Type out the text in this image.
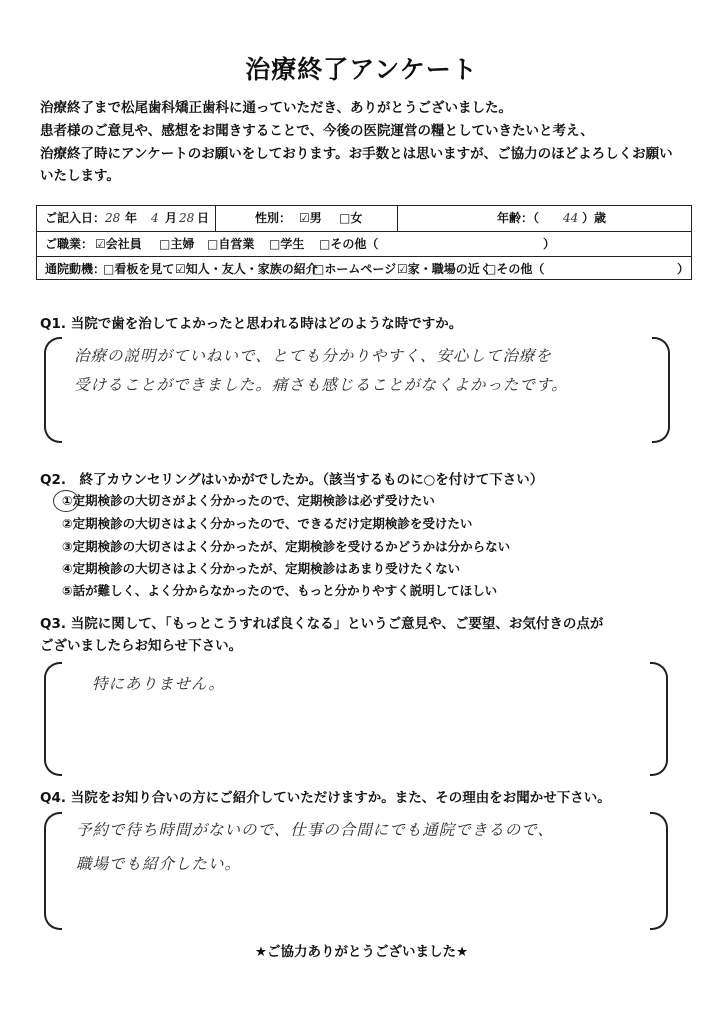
治療終了アンケート
治療終了まで松尾歯科矯正歯科に通っていただき、ありがとうございました。
患者様のご意見や、感想をお聞きすることで、今後の医院運営の糧としていきたいと考え、
治療終了時にアンケートのお願いをしております。お手数とは思いますが、ご協力のほどよろしくお願い
いたします。
ご記入日： 28 年 4 月 28 日	性別： ☑男 □女	年齢：（ 44 ）歳
ご職業： ☑会社員 □主婦 □自営業 □学生 □その他（	）
通院動機：
□看板を見て ☑知人・友人・家族の紹介
□ホームページ ☑家・職場の近く
□その他（	）
Q1. 当院で歯を治してよかったと思われる時はどのような時ですか。
治療の説明がていねいで、とても分かりやすく、安心して治療を
受けることができました。痛さも感じることがなくよかったです。
Q2.　終了カウンセリングはいかがでしたか。（該当するものに○を付けて下さい）
①定期検診の大切さがよく分かったので、定期検診は必ず受けたい
②定期検診の大切さはよく分かったので、できるだけ定期検診を受けたい
③定期検診の大切さはよく分かったが、定期検診を受けるかどうかは分からない
④定期検診の大切さはよく分かったが、定期検診はあまり受けたくない
⑤話が難しく、よく分からなかったので、もっと分かりやすく説明してほしい
Q3. 当院に関して、「もっとこうすれば良くなる」というご意見や、ご要望、お気付きの点が
ございましたらお知らせ下さい。
特にありません。
Q4. 当院をお知り合いの方にご紹介していただけますか。また、その理由をお聞かせ下さい。
予約で待ち時間がないので、仕事の合間にでも通院できるので、
職場でも紹介したい。
★ご協力ありがとうございました★
